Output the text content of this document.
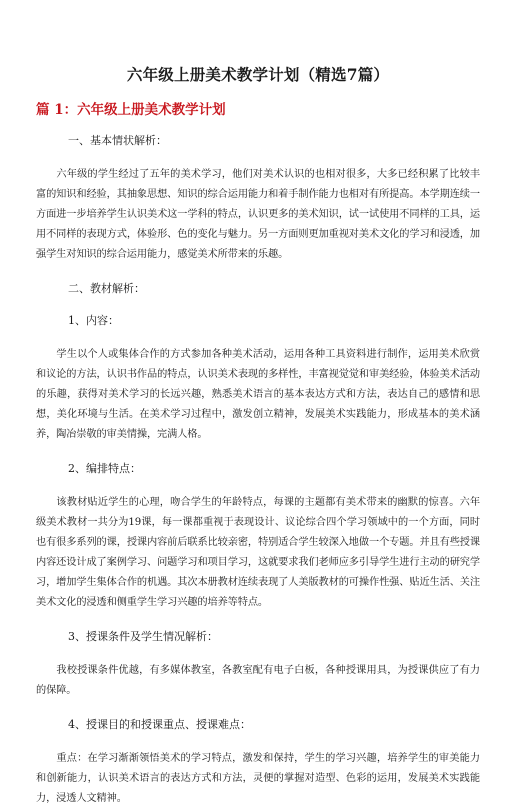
六年级上册美术教学计划（精选7篇）
篇 1：六年级上册美术教学计划
一、基本情状解析：

六年级的学生经过了五年的美术学习，他们对美术认识的也相对很多，大多已经积累了比较丰富的知识和经验，其抽象思想、知识的综合运用能力和着手制作能力也相对有所提高。本学期连续一方面进一步培养学生认识美术这一学科的特点，认识更多的美术知识，试一试使用不同样的工具，运用不同样的表现方式，体验形、色的变化与魅力。另一方面则更加重视对美术文化的学习和浸透，加强学生对知识的综合运用能力，感觉美术所带来的乐趣。

二、教材解析：
1、内容：

学生以个人或集体合作的方式参加各种美术活动，运用各种工具资料进行制作，运用美术欣赏和议论的方法，认识书作品的特点，认识美术表现的多样性，丰富视觉觉和审美经验，体验美术活动的乐趣，获得对美术学习的长远兴趣，熟悉美术语言的基本表达方式和方法，表达自己的感情和思想，美化环境与生活。在美术学习过程中，激发创立精神，发展美术实践能力，形成基本的美术涵养，陶冶崇敬的审美情操，完满人格。

2、编排特点：

该教材贴近学生的心理，吻合学生的年龄特点，每课的主题都有美术带来的幽默的惊喜。六年级美术教材一共分为19课，每一课都重视于表现设计、议论综合四个学习领域中的一个方面，同时也有很多系列的课，授课内容前后联系比较亲密，特别适合学生较深入地做一个专题。并且有些授课内容还设计成了案例学习、问题学习和项目学习，这就要求我们老师应多引导学生进行主动的研究学习，增加学生集体合作的机遇。其次本册教材连续表现了人美版教材的可操作性强、贴近生活、关注美术文化的浸透和侧重学生学习兴趣的培养等特点。

3、授课条件及学生情况解析：

我校授课条件优越，有多媒体教室，各教室配有电子白板，各种授课用具，为授课供应了有力的保障。

4、授课目的和授课重点、授课难点：

重点：在学习渐渐领悟美术的学习特点，激发和保持，学生的学习兴趣，培养学生的审美能力和创新能力，认识美术语言的表达方式和方法，灵便的掌握对造型、色彩的运用，发展美术实践能力，浸透人文精神。
